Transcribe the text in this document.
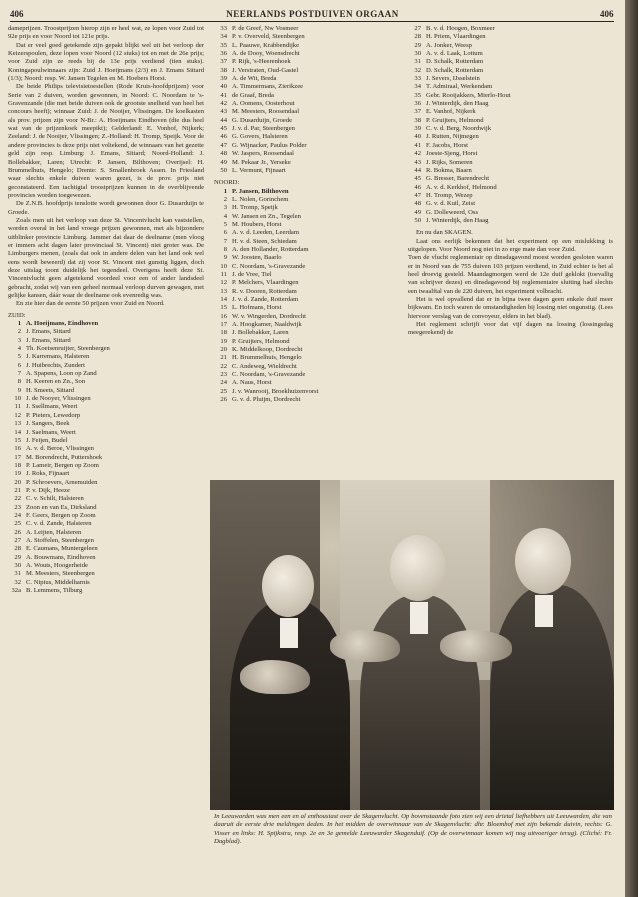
406	NEERLANDS POSTDUIVEN ORGAAN	406

dameprijzen. Troostprijzen hierop zijn er heel wat, ze lopen voor Zuid tot 92e prijs en voor Noord tot 121e prijs.

Dat er veel goed getekende zijn gepakt blijkt wel uit het verloop der Keizerspoulen, deze lopen voor Noord (12 stuks) tot en met de 26e prijs; voor Zuid zijn ze reeds bij de 13e prijs verdiend (tien stuks). Koningapoulwinnaars zijn: Zuid J. Hoeijmans (2/3) en J. Emans Sittard (1/3); Noord: resp. W. Jansen Tegelen en M. Hoebers Horst.

De beide Philips televisietoestellen (Rode Kruis-hoofdprijzen) voor Serie van 2 duiven, worden gewonnen, in Noord: C. Noordam te 's-Gravenzande (die met beide duiven ook de grootste snelheid van heel het concours heeft); winnaar Zuid: J. de Nooijer, Vlissingen. De koelkasten als prov. prijzen zijn voor N-Br.: A. Hoeijmans Eindhoven (die dus heel wat van de prijzenkoek meepikt); Gelderland: E. Vonhof, Nijkerk; Zeeland: J. de Nooijer, Vlissingen; Z.-Holland: H. Tromp, Speijk. Voor de andere provincies is deze prijs niet voltekend, de winnaars van het gezette geld zijn resp. Limburg: J. Emans, Sittard; Noord-Holland: J. Bollebakker, Laren; Utrecht: P. Jansen, Bilthoven; Overijsel: H. Brummelhuis, Hengelo; Drente: S. Smallenbroek Assen. In Friesland waar slechts enkele duiven waren gezet, is de prov. prijs niet geconstateerd. Een tachtigtal troostprijzen kunnen in de overblijvende provincies worden toegewezen.

De Z.N.B. hoofdprijs tenslotte wordt gewonnen door G. Dusarduijn te Groede.

Zoals men uit het verloop van deze St. Vincentvlucht kan vaststellen, worden overal in het land vroege prijzen gewonnen, met als bijzondere uitblinker provincie Limburg. Jammer dat daar de deelname (men vloog er immers acht dagen later provinciaal St. Vincent) niet groter was. De Limburgers menen, (zoals dat ook in andere delen van het land ook wel eens wordt beweerd) dat zij voor St. Vincent niet gunstig liggen, doch deze uitslag toont duidelijk het tegendeel. Overigens heeft deze St. Vincentvlucht geen afgetekend voordeel voor een of ander landsdeel gebracht, zodat wij van een geheel normaal verloop durven gewagen, met gelijke kansen, dáár waar de deelname ook evenredig was.

En zie hier dan de eerste 50 prijzen voor Zuid en Noord.

ZUID:
1 A. Hoeijmans, Eindhoven
2 J. Emans, Sittard
3 J. Emans, Sittard
4 Th. Koetsenruijter, Steenbergen
5 J. Karremans, Halsteren
6 J. Huibrechts, Zundert
7 A. Spapens, Loon op Zand
8 H. Keeren en Zn., Son
9 H. Smeets, Sittard
10 J. de Nooyer, Vlissingen
11 J. Ssellmans, Weert
12 P. Pieters, Lewedorp
13 J. Sangers, Beek
14 J. Saelmans, Weert
15 J. Feijen, Budel
16 A. v. d. Beroe, Vlissingen
17 M. Borendrecht, Puttershoek
18 P. Lameir, Bergen op Zoom
19 J. Roks, Fijnaart
20 P. Schroevers, Arnemuiden
21 P. v. Dijk, Heeze
22 C. v. Schilt, Halsteren
23 Zoon en van Es, Dirksland
24 F. Geers, Bergen op Zoom
25 C. v. d. Zande, Halsteren
26 A. Leijten, Halsteren
27 A. Stoffelen, Steenbergen
28 E. Caumans, Muntergeleen
29 A. Bouwmans, Eindhoven
30 A. Wouts, Hoogerheide
31 M. Meesters, Steenbergen
32 C. Nipius, Middelharnis
32a B. Lemmens, Tilburg
33 P. de Greef, Nw Vosmeer
34 P. v. Overveld, Steenbergen
35 L. Paauwe, Krabbendijke
36 A. de Dooy, Woensdrecht
37 P. Rijk, 's-Heerenhoek
38 J. Verstraten, Oud-Gastel
39 A. de Wit, Breda
40 A. Timmermans, Zierikzee
41 de Graaf, Breda
42 A. Oomens, Oosterhout
43 M. Meesters, Roosendaal
44 G. Dusarduijn, Groede
45 J. v. d. Par, Steenbergen
46 G. Govers, Halsteren
47 G. Wijnacker, Paulus Polder
48 W. Jaspers, Roosendaal
49 M. Pekaar Jr., Yerseke
50 L. Vermunt, Fijnaart
NOORD:
1 P. Jansen, Bilthoven
2 L. Nolen, Gorinchem
3 H. Tromp, Speijk
4 W. Jansen en Zn., Tegelen
5 M. Houbers, Horst
6 A. v. d. Leeden, Leerdam
7 H. v. d. Steen, Schiedam
8 A. den Hollander, Rotterdam
9 W. Joosten, Baarlo
10 C. Noordam, 's-Gravezande
11 J. de Vree, Tiel
12 P. Melchers, Vlaardingen
13 R. v. Dooren, Rotterdam
14 J. v. d. Zande, Rotterdam
15 L. Hofmans, Horst
16 W. v. Wingerden, Dordrecht
17 A. Hoogkamer, Naaldwijk
18 J. Bollebakker, Laren
19 P. Gruijters, Helmond
20 K. Middelkoop, Dordrecht
21 H. Brummelhuis, Hengelo
22 C. Andeweg, Wieldrecht
23 C. Noordam, 's-Gravezande
24 A. Naus, Horst
25 J. v. Wanrooij, Broekhuizenvorst
26 G. v. d. Pluijm, Dordrecht
27 B. v. d. Hoogen, Boxmeer
28 H. Priem, Vlaardingen
29 A. Jonker, Weesp
30 A. v. d. Laak, Lottum
31 D. Schalk, Rotterdam
32 D. Schalk, Rotterdam
33 J. Severs, IJsselstein
34 T. Admiraal, Werkendam
35 Gebr. Rooijakkers, Mierlo-Hout
36 J. Winterdijk, den Haag
37 E. Vanhof, Nijkerk
38 P. Gruijters, Helmond
39 C. v. d. Berg, Noordwijk
40 J. Rutten, Nijmegen
41 F. Jacobs, Horst
42 Joeste-Sjeng, Horst
43 J. Rijks, Someren
44 R. Bokma, Baarn
45 G. Bresser, Barendrecht
46 A. v. d. Kerkhof, Helmond
47 H. Tromp, Wezep
48 G. v. d. Kuil, Zeist
49 G. Dolleweerd, Oss
50 J. Winterdijk, den Haag

En nu dan SKAGEN.

Laat ons eerlijk bekennen dat het experiment op een mislukking is uitgelopen. Voor Noord nog niet in zo erge mate dan voor Zuid.

Toen de vlucht reglementair op dinsdagavond moest worden gesloten waren er in Noord van de 755 duiven 103 prijzen verdiend, in Zuid echter is het al heel droevig gesteld. Maandagmorgen werd de 12e duif geklokt (toevallig van schrijver dezes) en dinsdagavond bij reglementaire sluiting had slechts een twaalftal van de 220 duiven, het experiment volbracht.

Het is wel opvallend dat er in bijna twee dagen geen enkele duif meer bijkwam. En toch waren de omstandigheden bij lossing niet ongunstig. (Lees hiervoor verslag van de convoyeur, elders in het blad).

Het reglement schrijft voor dat vijf dagen na lossing (lossingsdag meegerekend) de

In Leeuwarden was men een en al enthousiast over de Skagenvlucht. Op bovenstaande foto zien wij een drietal liefhebbers uit Leeuwarden, die van daaruit de eerste drie meldingen deden. In het midden de overwinnaar van de Skagenvlucht: dhr. Bloemhof met zijn bekende duivin, rechts: G. Visser en links: H. Spijkstra, resp. 2e en 3e gemelde Leeuwarder Skagenduif. (Op de overwinnaar komen wij nog uitvoeriger terug). (Cliché: Fr. Dagblad).
